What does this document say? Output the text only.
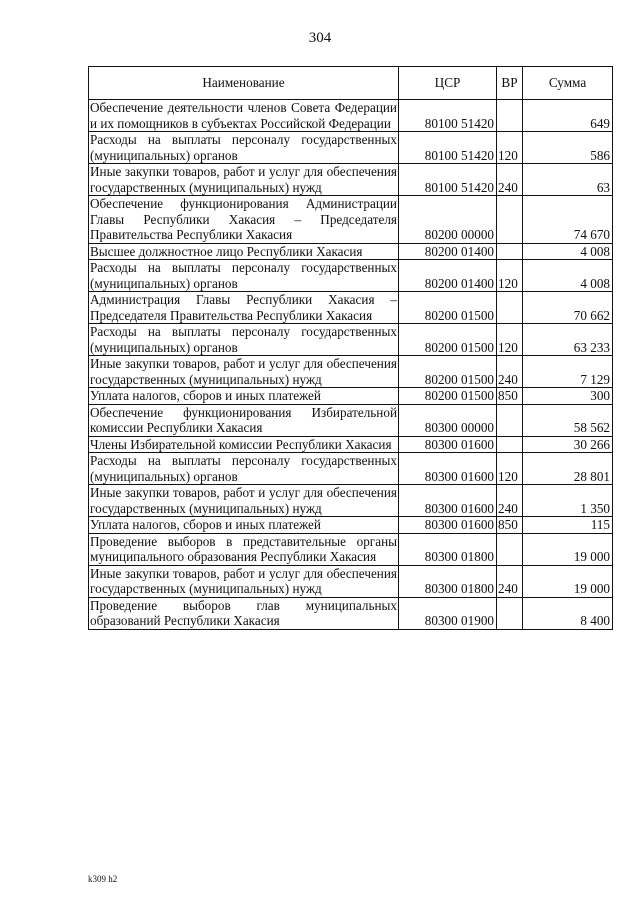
304
Наименование	ЦСР	ВР	Сумма
Обеспечение деятельности членов Совета Федерации и их помощников в субъектах Российской Федерации	80100 51420		649
Расходы на выплаты персоналу государственных (муниципальных) органов	80100 51420	120	586
Иные закупки товаров, работ и услуг для обеспечения государственных (муниципальных) нужд	80100 51420	240	63
Обеспечение функционирования Администрации Главы Республики Хакасия – Председателя Правительства Республики Хакасия	80200 00000		74 670
Высшее должностное лицо Республики Хакасия	80200 01400		4 008
Расходы на выплаты персоналу государственных (муниципальных) органов	80200 01400	120	4 008
Администрация Главы Республики Хакасия – Председателя Правительства Республики Хакасия	80200 01500		70 662
Расходы на выплаты персоналу государственных (муниципальных) органов	80200 01500	120	63 233
Иные закупки товаров, работ и услуг для обеспечения государственных (муниципальных) нужд	80200 01500	240	7 129
Уплата налогов, сборов и иных платежей	80200 01500	850	300
Обеспечение функционирования Избирательной комиссии Республики Хакасия	80300 00000		58 562
Члены Избирательной комиссии Республики Хакасия	80300 01600		30 266
Расходы на выплаты персоналу государственных (муниципальных) органов	80300 01600	120	28 801
Иные закупки товаров, работ и услуг для обеспечения государственных (муниципальных) нужд	80300 01600	240	1 350
Уплата налогов, сборов и иных платежей	80300 01600	850	115
Проведение выборов в представительные органы муниципального образования Республики Хакасия	80300 01800		19 000
Иные закупки товаров, работ и услуг для обеспечения государственных (муниципальных) нужд	80300 01800	240	19 000
Проведение выборов глав муниципальных образований Республики Хакасия	80300 01900		8 400
k309 h2
